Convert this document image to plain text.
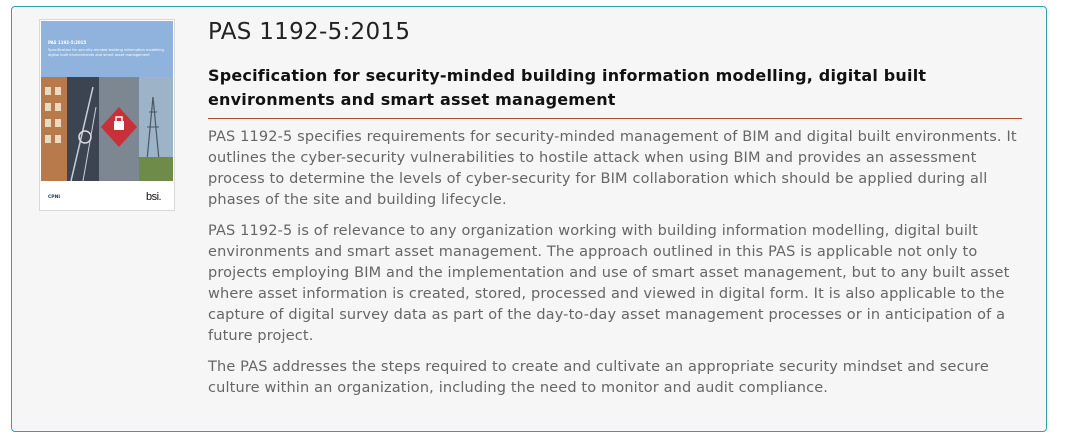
PAS 1192-5:2015
Specification for security-minded building information modelling, digital built environments and smart asset management
CPNI	bsi.
PAS 1192-5:2015
Specification for security-minded building information modelling, digital built environments and smart asset management

PAS 1192-5 specifies requirements for security-minded management of BIM and digital built environments. It outlines the cyber-security vulnerabilities to hostile attack when using BIM and provides an assessment process to determine the levels of cyber-security for BIM collaboration which should be applied during all phases of the site and building lifecycle.

PAS 1192-5 is of relevance to any organization working with building information modelling, digital built environments and smart asset management. The approach outlined in this PAS is applicable not only to projects employing BIM and the implementation and use of smart asset management, but to any built asset where asset information is created, stored, processed and viewed in digital form. It is also applicable to the capture of digital survey data as part of the day-to-day asset management processes or in anticipation of a future project.

The PAS addresses the steps required to create and cultivate an appropriate security mindset and secure culture within an organization, including the need to monitor and audit compliance.
